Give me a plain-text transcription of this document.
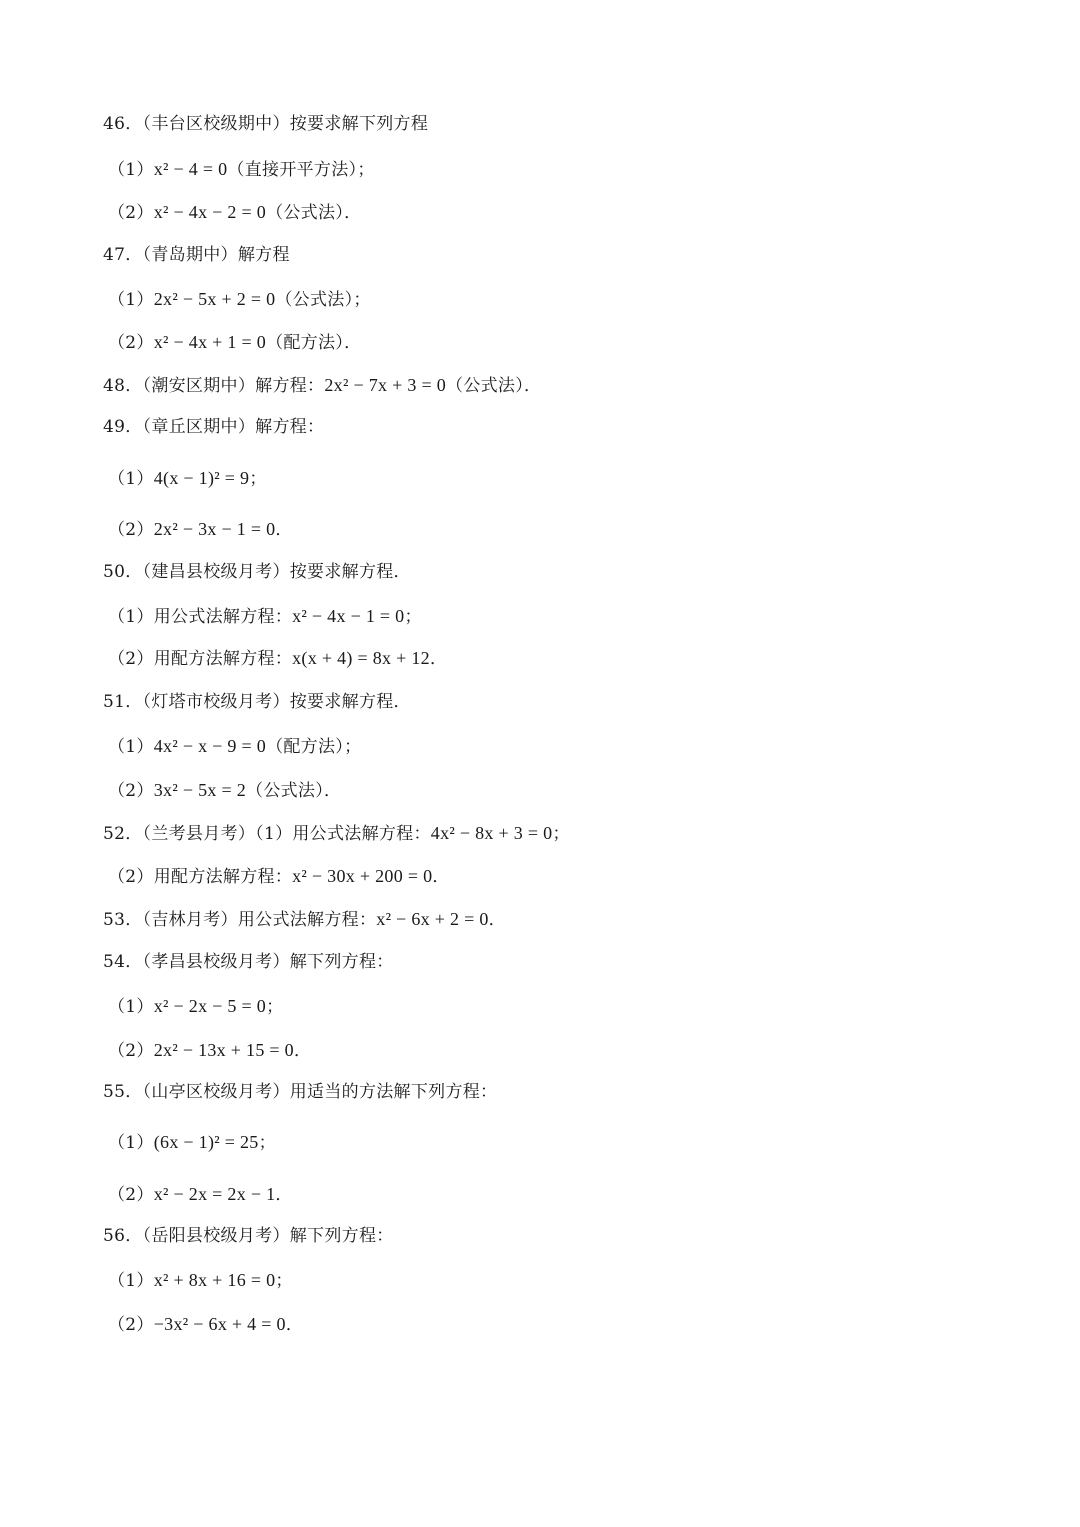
46．（丰台区校级期中）按要求解下列方程
（1）x² − 4 = 0（直接开平方法）；
（2）x² − 4x − 2 = 0（公式法）．
47．（青岛期中）解方程
（1）2x² − 5x + 2 = 0（公式法）；
（2）x² − 4x + 1 = 0（配方法）．
48．（潮安区期中）解方程：2x² − 7x + 3 = 0（公式法）．
49．（章丘区期中）解方程：
（1）4(x − 1)² = 9；
（2）2x² − 3x − 1 = 0．
50．（建昌县校级月考）按要求解方程．
（1）用公式法解方程：x² − 4x − 1 = 0；
（2）用配方法解方程：x(x + 4) = 8x + 12．
51．（灯塔市校级月考）按要求解方程．
（1）4x² − x − 9 = 0（配方法）；
（2）3x² − 5x = 2（公式法）．
52．（兰考县月考）（1）用公式法解方程：4x² − 8x + 3 = 0；
（2）用配方法解方程：x² − 30x + 200 = 0．
53．（吉林月考）用公式法解方程：x² − 6x + 2 = 0．
54．（孝昌县校级月考）解下列方程：
（1）x² − 2x − 5 = 0；
（2）2x² − 13x + 15 = 0．
55．（山亭区校级月考）用适当的方法解下列方程：
（1）(6x − 1)² = 25；
（2）x² − 2x = 2x − 1．
56．（岳阳县校级月考）解下列方程：
（1）x² + 8x + 16 = 0；
（2）−3x² − 6x + 4 = 0．
